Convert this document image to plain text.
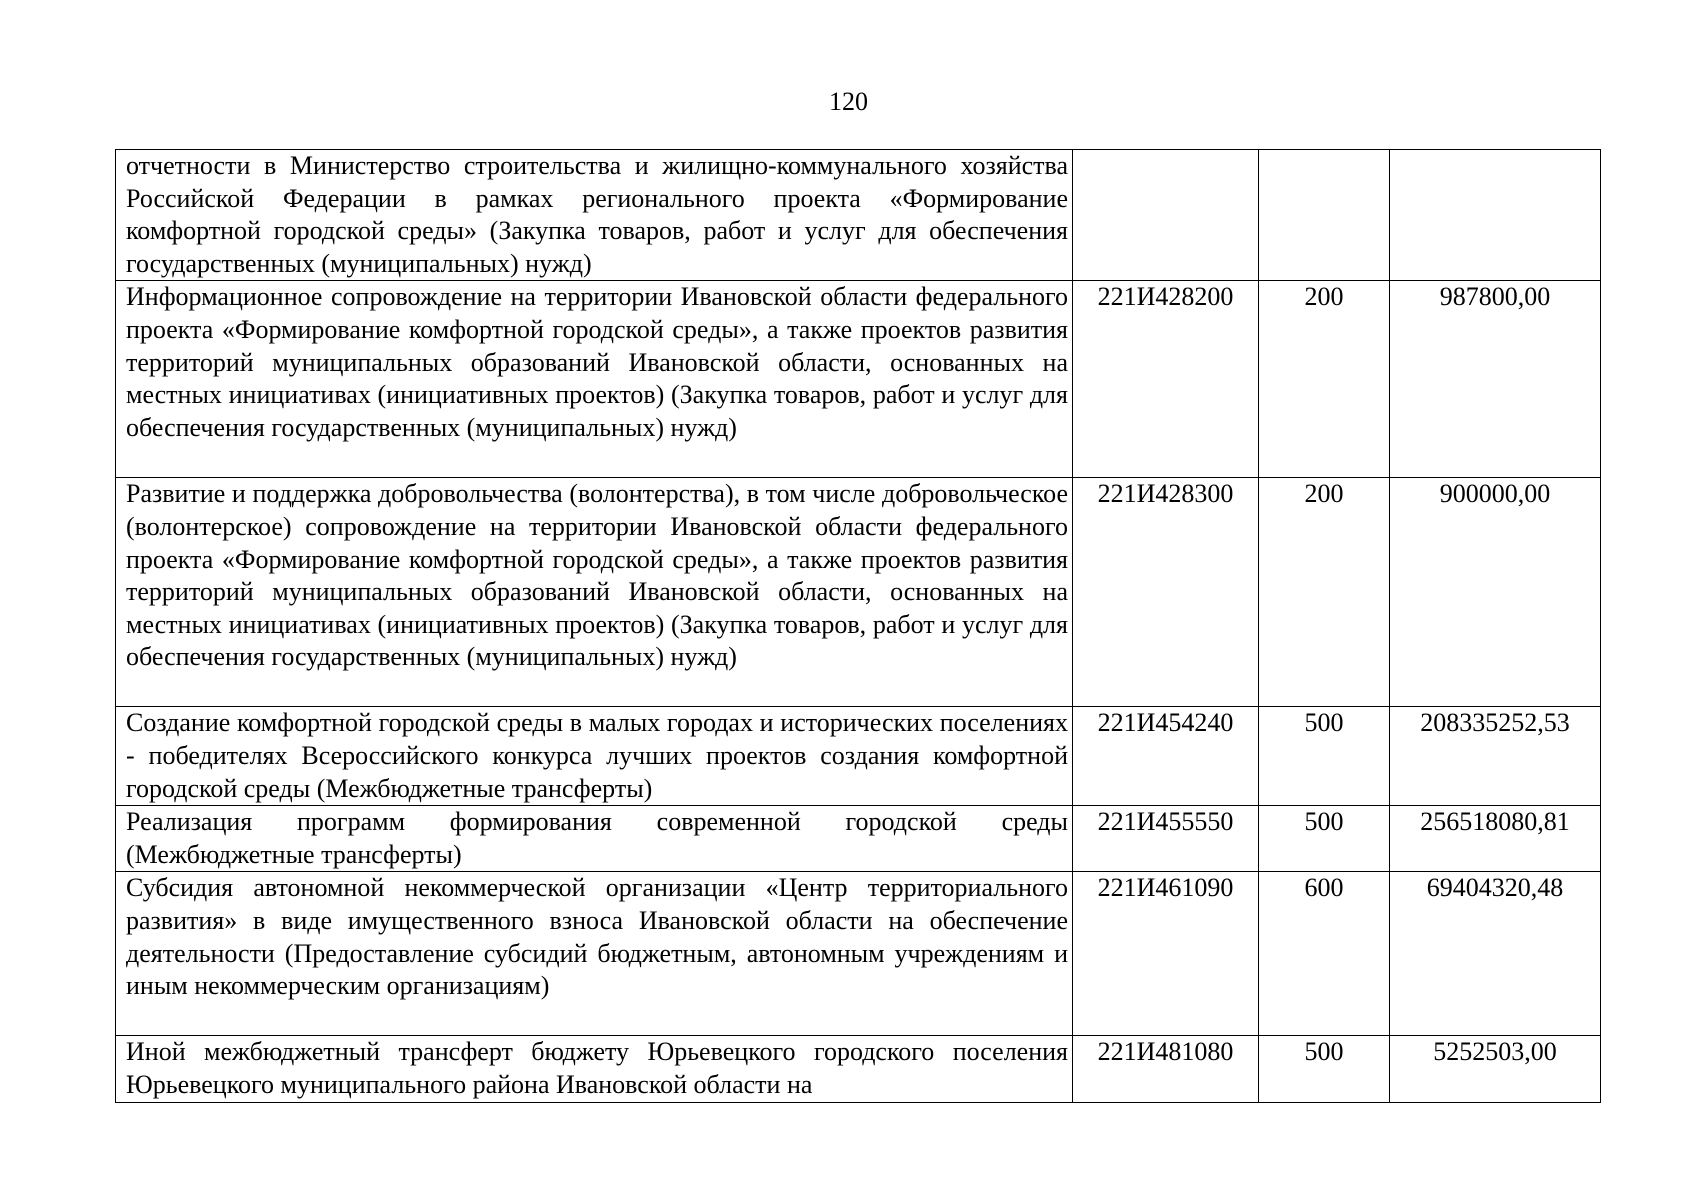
120
отчетности в Министерство строительства и жилищно-коммунального хозяйства Российской Федерации в рамках регионального проекта «Формирование комфортной городской среды» (Закупка товаров, работ и услуг для обеспечения государственных (муниципальных) нужд)			
Информационное сопровождение на территории Ивановской области федерального проекта «Формирование комфортной городской среды», а также проектов развития территорий муниципальных образований Ивановской области, основанных на местных инициативах (инициативных проектов) (Закупка товаров, работ и услуг для обеспечения государственных (муниципальных) нужд)	221И428200	200	987800,00
Развитие и поддержка добровольчества (волонтерства), в том числе добровольческое (волонтерское) сопровождение на территории Ивановской области федерального проекта «Формирование комфортной городской среды», а также проектов развития территорий муниципальных образований Ивановской области, основанных на местных инициативах (инициативных проектов) (Закупка товаров, работ и услуг для обеспечения государственных (муниципальных) нужд)	221И428300	200	900000,00
Создание комфортной городской среды в малых городах и исторических поселениях - победителях Всероссийского конкурса лучших проектов создания комфортной городской среды (Межбюджетные трансферты)	221И454240	500	208335252,53
Реализация программ формирования современной городской среды (Межбюджетные трансферты)	221И455550	500	256518080,81
Субсидия автономной некоммерческой организации «Центр территориального развития» в виде имущественного взноса Ивановской области на обеспечение деятельности (Предоставление субсидий бюджетным, автономным учреждениям и иным некоммерческим организациям)	221И461090	600	69404320,48
Иной межбюджетный трансферт бюджету Юрьевецкого городского поселения Юрьевецкого муниципального района Ивановской области на	221И481080	500	5252503,00
